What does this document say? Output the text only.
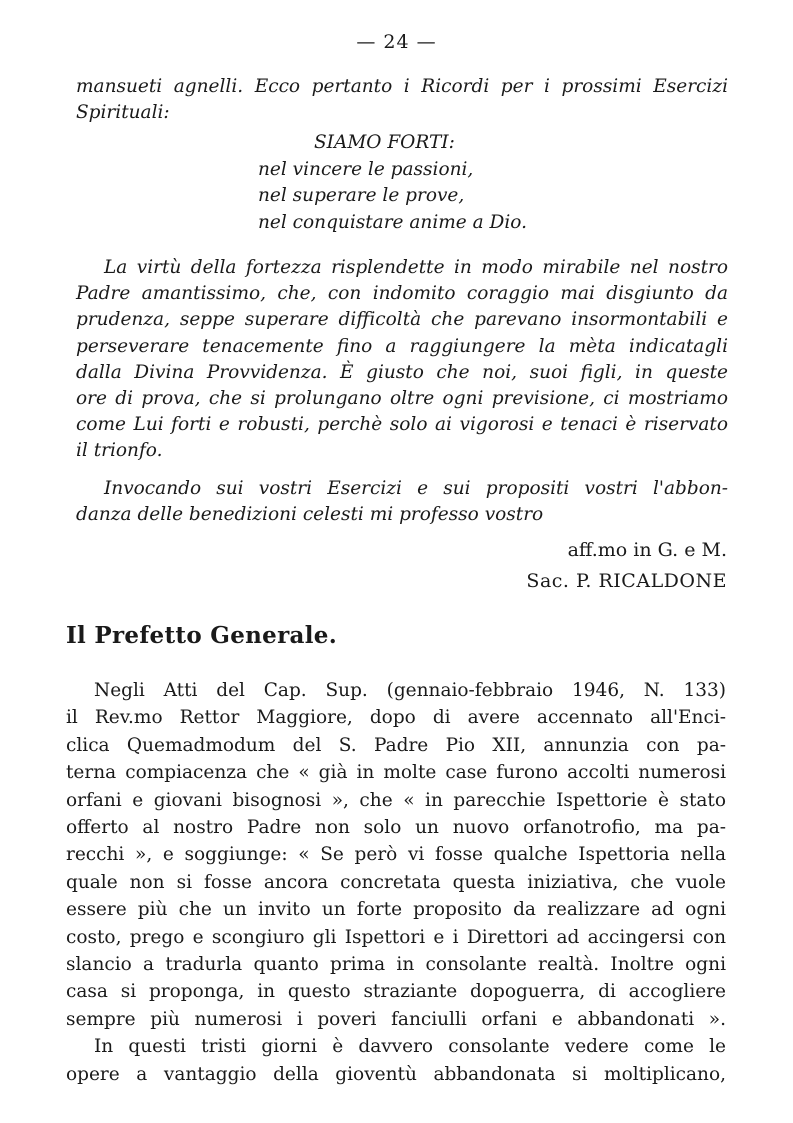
— 24 —
mansueti agnelli. Ecco pertanto i Ricordi per i prossimi Esercizi
Spirituali:
SIAMO FORTI:
nel vincere le passioni,
nel superare le prove,
nel conquistare anime a Dio.
La virtù della fortezza risplendette in modo mirabile nel nostro
Padre amantissimo, che, con indomito coraggio mai disgiunto da
prudenza, seppe superare difficoltà che parevano insormontabili e
perseverare tenacemente fino a raggiungere la mèta indicatagli
dalla Divina Provvidenza. È giusto che noi, suoi figli, in queste
ore di prova, che si prolungano oltre ogni previsione, ci mostriamo
come Lui forti e robusti, perchè solo ai vigorosi e tenaci è riservato
il trionfo.
Invocando sui vostri Esercizi e sui propositi vostri l'abbon-
danza delle benedizioni celesti mi professo vostro
aff.mo in G. e M.
Sac. P. RICALDONE
Il Prefetto Generale.
Negli Atti del Cap. Sup. (gennaio-febbraio 1946, N. 133)
il Rev.mo Rettor Maggiore, dopo di avere accennato all'Enci-
clica Quemadmodum del S. Padre Pio XII, annunzia con pa-
terna compiacenza che « già in molte case furono accolti numerosi
orfani e giovani bisognosi », che « in parecchie Ispettorie è stato
offerto al nostro Padre non solo un nuovo orfanotrofio, ma pa-
recchi », e soggiunge: « Se però vi fosse qualche Ispettoria nella
quale non si fosse ancora concretata questa iniziativa, che vuole
essere più che un invito un forte proposito da realizzare ad ogni
costo, prego e scongiuro gli Ispettori e i Direttori ad accingersi con
slancio a tradurla quanto prima in consolante realtà. Inoltre ogni
casa si proponga, in questo straziante dopoguerra, di accogliere
sempre più numerosi i poveri fanciulli orfani e abbandonati ».
In questi tristi giorni è davvero consolante vedere come le
opere a vantaggio della gioventù abbandonata si moltiplicano,
